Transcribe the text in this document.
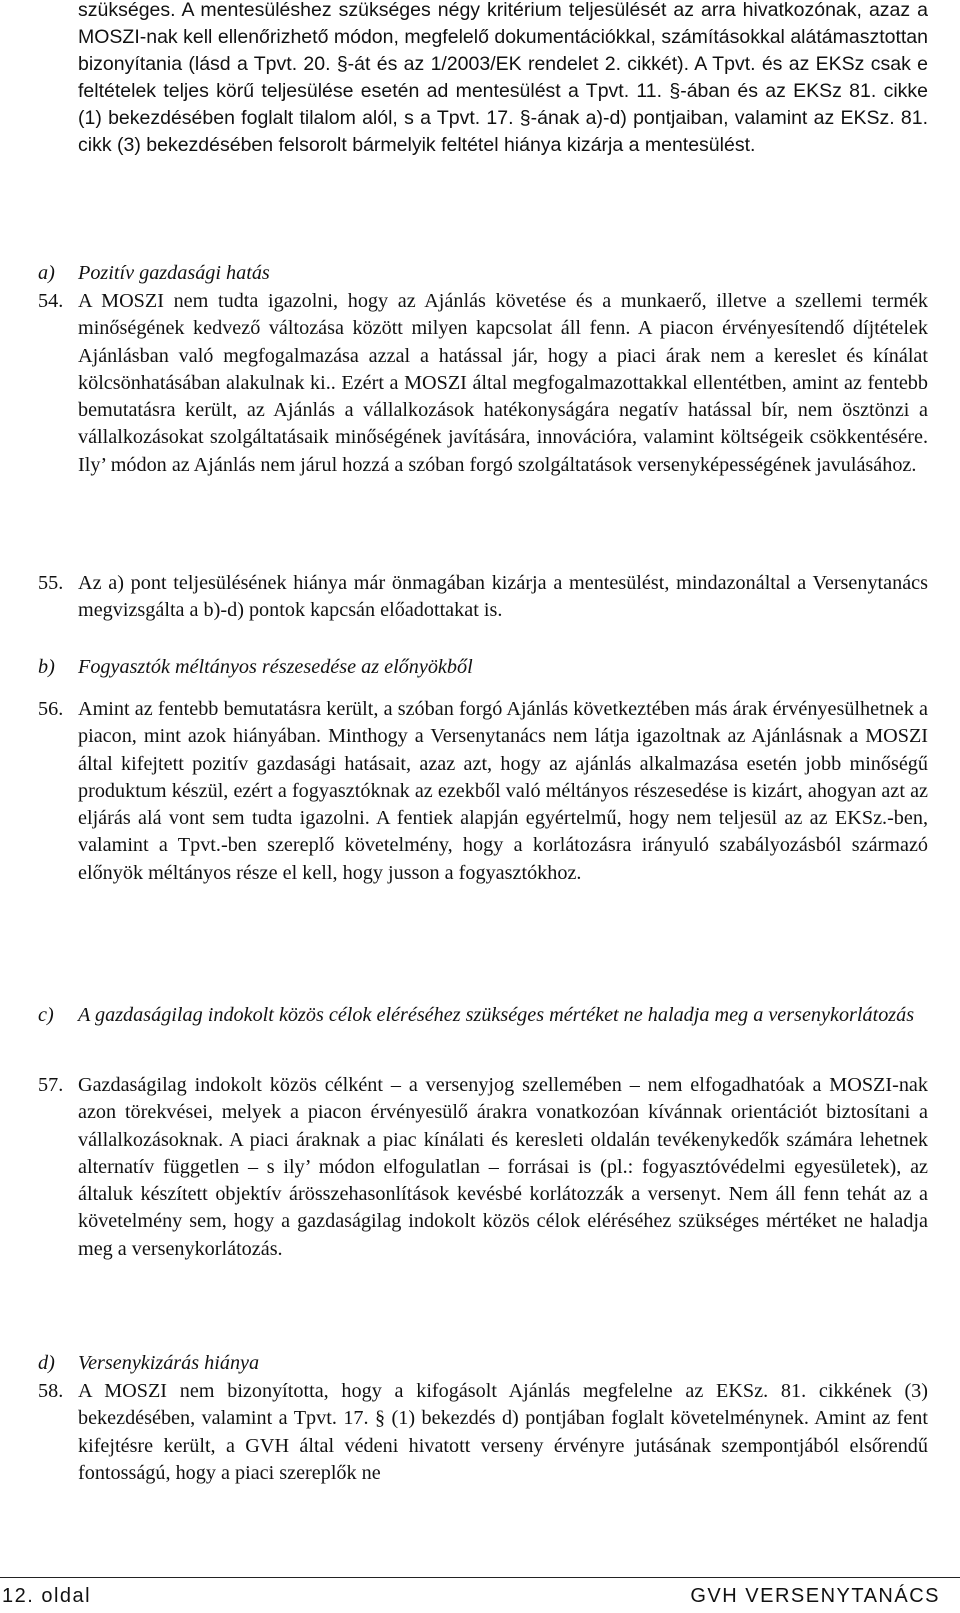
szükséges. A mentesüléshez szükséges négy kritérium teljesülését az arra hivatkozónak, azaz a MOSZI-nak kell ellenőrizhető módon, megfelelő dokumentációkkal, számításokkal alátámasztottan bizonyítania (lásd a Tpvt. 20. §-át és az 1/2003/EK rendelet 2. cikkét). A Tpvt. és az EKSz csak e feltételek teljes körű teljesülése esetén ad mentesülést a Tpvt. 11. §-ában és az EKSz 81. cikke (1) bekezdésében foglalt tilalom alól, s a Tpvt. 17. §-ának a)-d) pontjaiban, valamint az EKSz. 81. cikk (3) bekezdésében felsorolt bármelyik feltétel hiánya kizárja a mentesülést.
a) Pozitív gazdasági hatás
54. A MOSZI nem tudta igazolni, hogy az Ajánlás követése és a munkaerő, illetve a szellemi termék minőségének kedvező változása között milyen kapcsolat áll fenn. A piacon érvényesítendő díjtételek Ajánlásban való megfogalmazása azzal a hatással jár, hogy a piaci árak nem a kereslet és kínálat kölcsönhatásában alakulnak ki.. Ezért a MOSZI által megfogalmazottakkal ellentétben, amint az fentebb bemutatásra került, az Ajánlás a vállalkozások hatékonyságára negatív hatással bír, nem ösztönzi a vállalkozásokat szolgáltatásaik minőségének javítására, innovációra, valamint költségeik csökkentésére. Ily’ módon az Ajánlás nem járul hozzá a szóban forgó szolgáltatások versenyképességének javulásához.
55. Az a) pont teljesülésének hiánya már önmagában kizárja a mentesülést, mindazonáltal a Versenytanács megvizsgálta a b)-d) pontok kapcsán előadottakat is.
b) Fogyasztók méltányos részesedése az előnyökből
56. Amint az fentebb bemutatásra került, a szóban forgó Ajánlás következtében más árak érvényesülhetnek a piacon, mint azok hiányában. Minthogy a Versenytanács nem látja igazoltnak az Ajánlásnak a MOSZI által kifejtett pozitív gazdasági hatásait, azaz azt, hogy az ajánlás alkalmazása esetén jobb minőségű produktum készül, ezért a fogyasztóknak az ezekből való méltányos részesedése is kizárt, ahogyan azt az eljárás alá vont sem tudta igazolni. A fentiek alapján egyértelmű, hogy nem teljesül az az EKSz.-ben, valamint a Tpvt.-ben szereplő követelmény, hogy a korlátozásra irányuló szabályozásból származó előnyök méltányos része el kell, hogy jusson a fogyasztókhoz.
c) A gazdaságilag indokolt közös célok eléréséhez szükséges mértéket ne haladja meg a versenykorlátozás
57. Gazdaságilag indokolt közös célként – a versenyjog szellemében – nem elfogadhatóak a MOSZI-nak azon törekvései, melyek a piacon érvényesülő árakra vonatkozóan kívánnak orientációt biztosítani a vállalkozásoknak. A piaci áraknak a piac kínálati és keresleti oldalán tevékenykedők számára lehetnek alternatív független – s ily’ módon elfogulatlan – forrásai is (pl.: fogyasztóvédelmi egyesületek), az általuk készített objektív árösszehasonlítások kevésbé korlátozzák a versenyt. Nem áll fenn tehát az a követelmény sem, hogy a gazdaságilag indokolt közös célok eléréséhez szükséges mértéket ne haladja meg a versenykorlátozás.
d) Versenykizárás hiánya
58. A MOSZI nem bizonyította, hogy a kifogásolt Ajánlás megfelelne az EKSz. 81. cikkének (3) bekezdésében, valamint a Tpvt. 17. § (1) bekezdés d) pontjában foglalt követelménynek. Amint az fent kifejtésre került, a GVH által védeni hivatott verseny érvényre jutásának szempontjából elsőrendű fontosságú, hogy a piaci szereplők ne
12. oldal	GVH VERSENYTANÁCS
